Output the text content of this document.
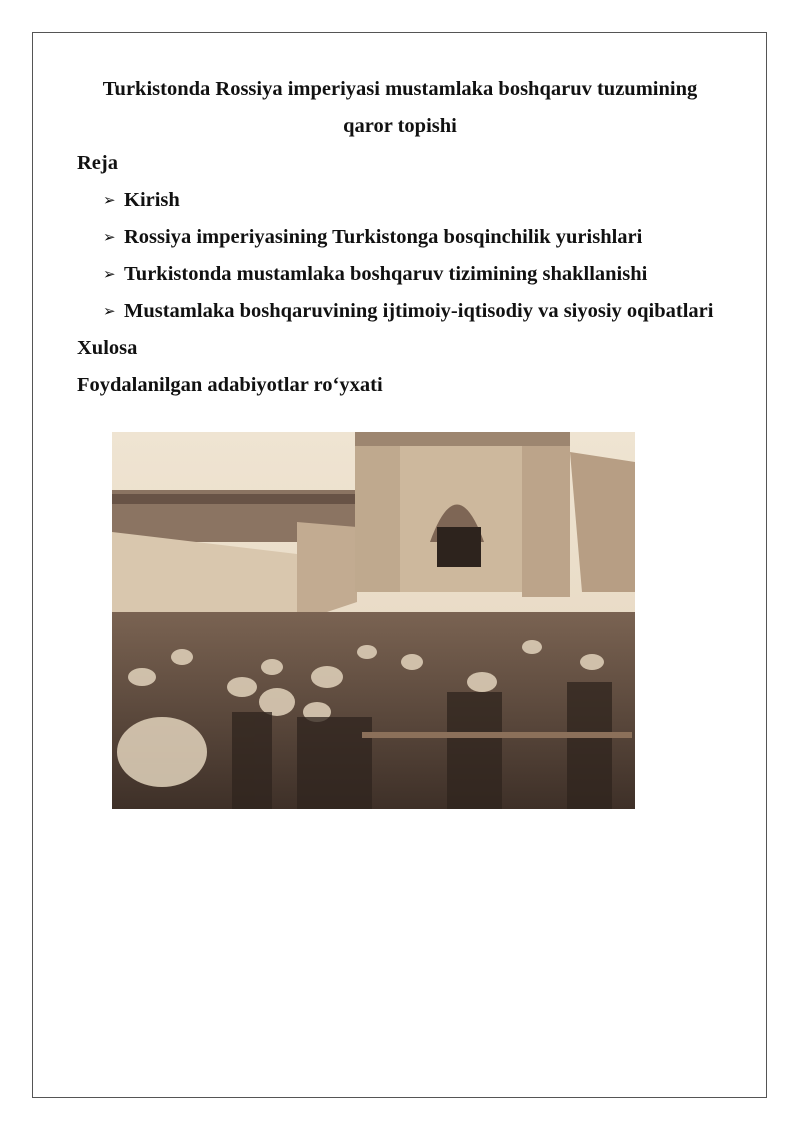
Turkistonda Rossiya imperiyasi mustamlaka boshqaruv tuzumining
qaror topishi
Reja
➢ Kirish
➢ Rossiya imperiyasining Turkistonga bosqinchilik yurishlari
➢ Turkistonda mustamlaka boshqaruv tizimining shakllanishi
➢ Mustamlaka boshqaruvining ijtimoiy-iqtisodiy va siyosiy oqibatlari
Xulosa
Foydalanilgan adabiyotlar ro‘yxati
